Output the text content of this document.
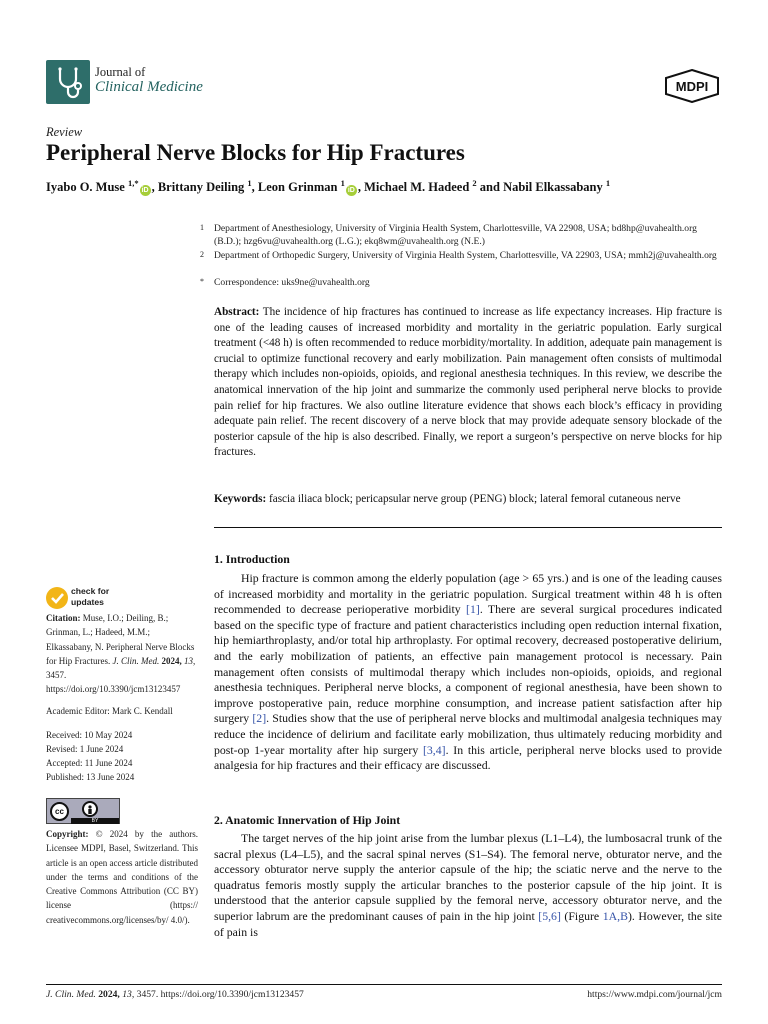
Journal of
Clinical Medicine	MDPI
Review
Peripheral Nerve Blocks for Hip Fractures
Iyabo O. Muse $^{1,*}$iD , Brittany Deiling $^1$, Leon Grinman $^1$iD , Michael M. Hadeed $^2$ and Nabil Elkassabany $^1$
1 Department of Anesthesiology, University of Virginia Health System, Charlottesville, VA 22908, USA; bd8hp@uvahealth.org (B.D.); hzg6vu@uvahealth.org (L.G.); ekq8wm@uvahealth.org (N.E.)
2 Department of Orthopedic Surgery, University of Virginia Health System, Charlottesville, VA 22903, USA; mmh2j@uvahealth.org
* Correspondence: uks9ne@uvahealth.org
Abstract: The incidence of hip fractures has continued to increase as life expectancy increases. Hip fracture is one of the leading causes of increased morbidity and mortality in the geriatric population. Early surgical treatment (<48 h) is often recommended to reduce morbidity/mortality. In addition, adequate pain management is crucial to optimize functional recovery and early mobilization. Pain management often consists of multimodal therapy which includes non-opioids, opioids, and regional anesthesia techniques. In this review, we describe the anatomical innervation of the hip joint and summarize the commonly used peripheral nerve blocks to provide pain relief for hip fractures. We also outline literature evidence that shows each block’s efficacy in providing adequate pain relief. The recent discovery of a nerve block that may provide adequate sensory blockade of the posterior capsule of the hip is also described. Finally, we report a surgeon’s perspective on nerve blocks for hip fractures.
Keywords: fascia iliaca block; pericapsular nerve group (PENG) block; lateral femoral cutaneous nerve
check for
updates
Citation: Muse, I.O.; Deiling, B.; Grinman, L.; Hadeed, M.M.; Elkassabany, N. Peripheral Nerve Blocks for Hip Fractures. J. Clin. Med. 2024, 13, 3457. https://doi.org/10.3390/jcm13123457
Academic Editor: Mark C. Kendall
Received: 10 May 2024
Revised: 1 June 2024
Accepted: 11 June 2024
Published: 13 June 2024
cc
BY
Copyright: © 2024 by the authors. Licensee MDPI, Basel, Switzerland. This article is an open access article distributed under the terms and conditions of the Creative Commons Attribution (CC BY) license (https:// creativecommons.org/licenses/by/ 4.0/).
1. Introduction
Hip fracture is common among the elderly population (age > 65 yrs.) and is one of the leading causes of increased morbidity and mortality in the geriatric population. Surgical treatment within 48 h is often recommended to decrease perioperative morbidity [1]. There are several surgical procedures indicated based on the specific type of fracture and patient characteristics including open reduction internal fixation, hip hemiarthroplasty, and/or total hip arthroplasty. For optimal recovery, decreased postoperative delirium, and the early mobilization of patients, an effective pain management protocol is necessary. Pain management often consists of multimodal therapy which includes non-opioids, opioids, and regional anesthesia techniques. Peripheral nerve blocks, a component of regional anesthesia, have been shown to improve postoperative pain, reduce morphine consumption, and increase patient satisfaction after hip surgery [2]. Studies show that the use of peripheral nerve blocks and multimodal analgesia techniques may reduce the incidence of delirium and facilitate early mobilization, thus ultimately reducing morbidity and post-op 1-year mortality after hip surgery [3,4]. In this article, peripheral nerve blocks used to provide analgesia for hip fractures and their efficacy are discussed.
2. Anatomic Innervation of Hip Joint
The target nerves of the hip joint arise from the lumbar plexus (L1–L4), the lumbosacral trunk of the sacral plexus (L4–L5), and the sacral spinal nerves (S1–S4). The femoral nerve, obturator nerve, and the accessory obturator nerve supply the anterior capsule of the hip; the sciatic nerve and the nerve to the quadratus femoris mostly supply the articular branches to the posterior capsule of the hip joint. It is understood that the anterior capsule supplied by the femoral nerve, accessory obturator nerve, and the superior labrum are the predominant causes of pain in the hip joint [5,6] (Figure 1A,B). However, the site of pain is
J. Clin. Med. 2024, 13, 3457. https://doi.org/10.3390/jcm13123457	https://www.mdpi.com/journal/jcm
